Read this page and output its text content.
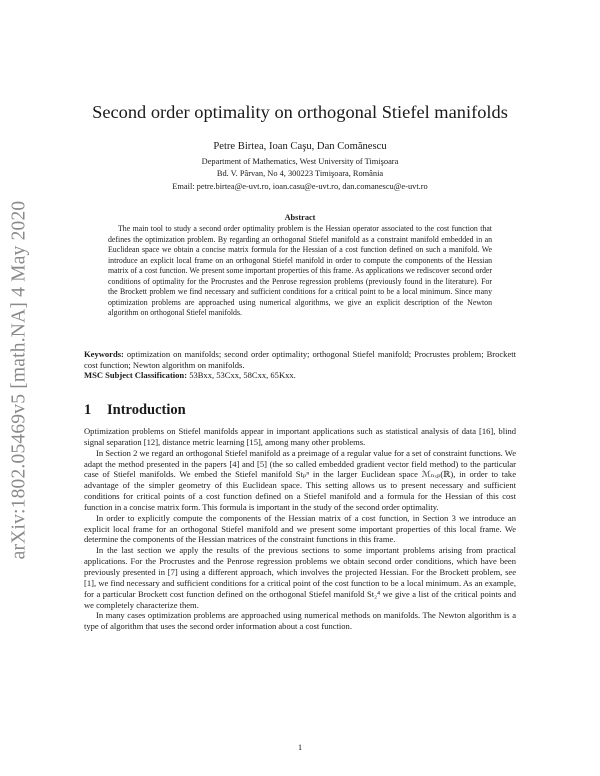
arXiv:1802.05469v5 [math.NA] 4 May 2020
Second order optimality on orthogonal Stiefel manifolds
Petre Birtea, Ioan Caşu, Dan Comănescu
Department of Mathematics, West University of Timişoara
Bd. V. Pârvan, No 4, 300223 Timişoara, România
Email: petre.birtea@e-uvt.ro, ioan.casu@e-uvt.ro, dan.comanescu@e-uvt.ro
Abstract

The main tool to study a second order optimality problem is the Hessian operator associated to the cost function that defines the optimization problem. By regarding an orthogonal Stiefel manifold as a constraint manifold embedded in an Euclidean space we obtain a concise matrix formula for the Hessian of a cost function defined on such a manifold. We introduce an explicit local frame on an orthogonal Stiefel manifold in order to compute the components of the Hessian matrix of a cost function. We present some important properties of this frame. As applications we rediscover second order conditions of optimality for the Procrustes and the Penrose regression problems (previously found in the literature). For the Brockett problem we find necessary and sufficient conditions for a critical point to be a local minimum. Since many optimization problems are approached using numerical algorithms, we give an explicit description of the Newton algorithm on orthogonal Stiefel manifolds.

Keywords: optimization on manifolds; second order optimality; orthogonal Stiefel manifold; Procrustes problem; Brockett cost function; Newton algorithm on manifolds.

MSC Subject Classification: 53Bxx, 53Cxx, 58Cxx, 65Kxx.

1 Introduction

Optimization problems on Stiefel manifolds appear in important applications such as statistical analysis of data [16], blind signal separation [12], distance metric learning [15], among many other problems.

In Section 2 we regard an orthogonal Stiefel manifold as a preimage of a regular value for a set of constraint functions. We adapt the method presented in the papers [4] and [5] (the so called embedded gradient vector field method) to the particular case of Stiefel manifolds. We embed the Stiefel manifold Stₚⁿ in the larger Euclidean space ℳₙₓₚ(ℝ), in order to take advantage of the simpler geometry of this Euclidean space. This setting allows us to present necessary and sufficient conditions for critical points of a cost function defined on a Stiefel manifold and a formula for the Hessian of this cost function in a concise matrix form. This formula is important in the study of the second order optimality.

In order to explicitly compute the components of the Hessian matrix of a cost function, in Section 3 we introduce an explicit local frame for an orthogonal Stiefel manifold and we present some important properties of this local frame. We determine the components of the Hessian matrices of the constraint functions in this frame.

In the last section we apply the results of the previous sections to some important problems arising from practical applications. For the Procrustes and the Penrose regression problems we obtain second order conditions, which have been previously presented in [7] using a different approach, which involves the projected Hessian. For the Brockett problem, see [1], we find necessary and sufficient conditions for a critical point of the cost function to be a local minimum. As an example, for a particular Brockett cost function defined on the orthogonal Stiefel manifold St₂⁴ we give a list of the critical points and we completely characterize them.

In many cases optimization problems are approached using numerical methods on manifolds. The Newton algorithm is a type of algorithm that uses the second order information about a cost function.

1
